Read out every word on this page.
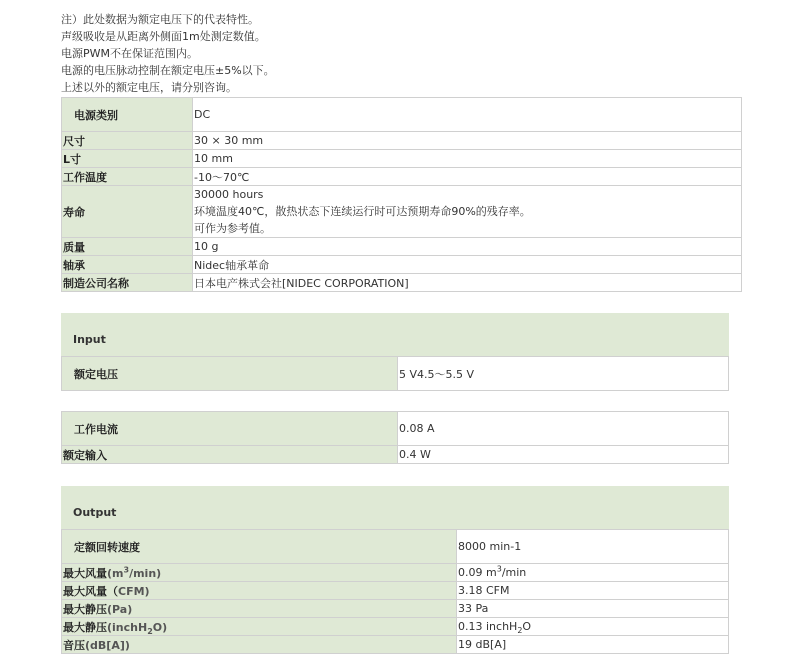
注）此处数据为额定电压下的代表特性。
声级吸收是从距离外侧面1m处测定数值。
电源PWM不在保证范围内。
电源的电压脉动控制在额定电压±5%以下。
上述以外的额定电压，请分别咨询。
电源类别	DC
尺寸	30 × 30 mm
L寸	10 mm
工作温度	-10～70℃
寿命	30000 hours
环境温度40℃，散热状态下连续运行时可达预期寿命90%的残存率。
可作为参考值。

质量	10 g
轴承	Nidec轴承革命
制造公司名称	日本电产株式会社[NIDEC CORPORATION]
Input
额定电压	5 V4.5～5.5 V
工作电流	0.08 A
额定输入	0.4 W
Output
定额回转速度	8000 min-1
最大风量$(m^3/\min)$	0.09 $m^3/\min$
最大风量（CFM)	3.18 CFM
最大静压(Pa)	33 Pa
最大静压(inchH$_2$O)	0.13 inchH$_2$O
音压(dB[A])	19 dB[A]
